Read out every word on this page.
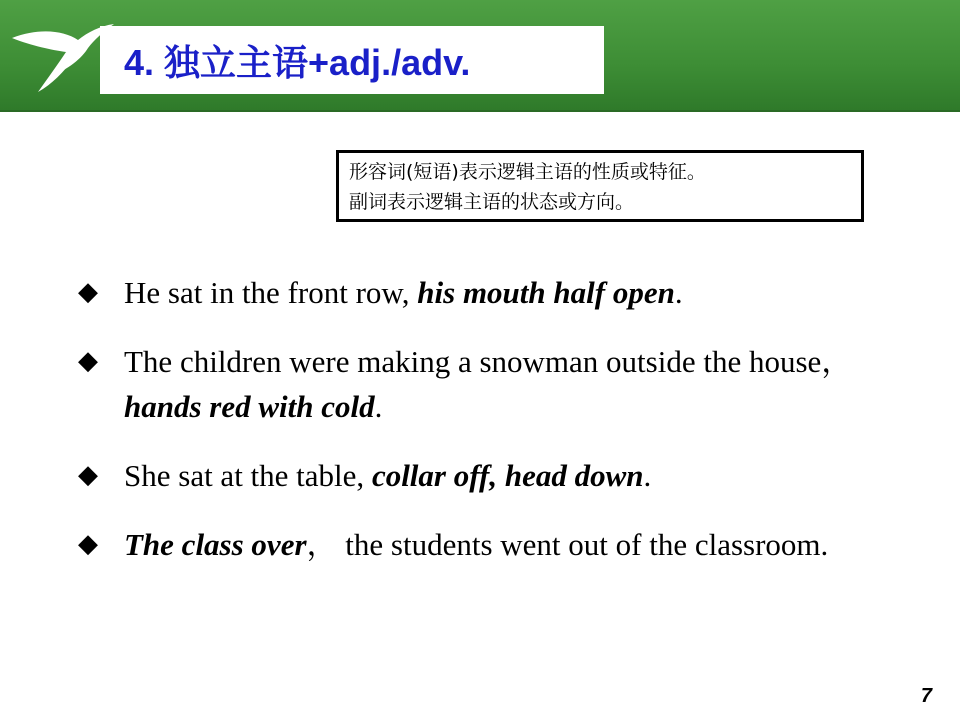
4. 独立主语+adj./adv.
形容词(短语)表示逻辑主语的性质或特征。
副词表示逻辑主语的状态或方向。
◆ He sat in the front row, his mouth half open.
◆ The children were making a snowman outside the house，hands red with cold.
◆ She sat at the table, collar off, head down.
◆ The class over， the students went out of the classroom.
7
